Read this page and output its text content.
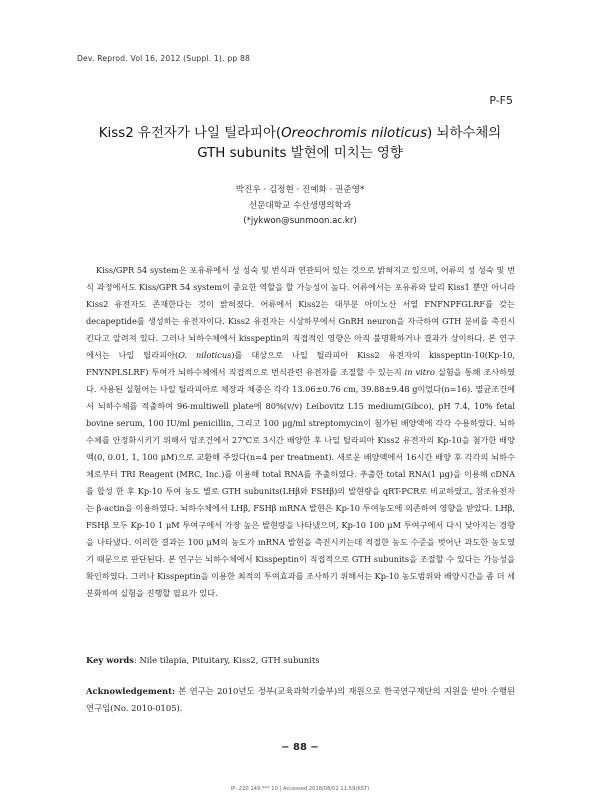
Dev. Reprod. Vol 16, 2012 (Suppl. 1). pp 88
P-F5
Kiss2 유전자가 나일 틸라피아(Oreochromis niloticus) 뇌하수체의
GTH subunits 발현에 미치는 영향
박진우 · 김정현 · 진예화 · 권준영*
선문대학교 수산생명의학과
(*jykwon@sunmoon.ac.kr)

Kiss/GPR 54 system은 포유류에서 성 성숙 및 번식과 연관되어 있는 것으로 밝혀지고 있으며, 어류의 성 성숙 및 번식 과정에서도 Kiss/GPR 54 system이 중요한 역할을 할 가능성이 높다. 어류에서는 포유류와 달리 Kiss1 뿐만 아니라 Kiss2 유전자도 존재한다는 것이 밝혀졌다. 어류에서 Kiss2는 대부분 아미노산 서열 FNFNPFGLRF를 갖는 decapeptide를 생성하는 유전자이다. Kiss2 유전자는 시상하부에서 GnRH neuron을 자극하여 GTH 분비를 촉진시킨다고 알려져 있다. 그러나 뇌하수체에서 kisspeptin의 직접적인 영향은 아직 불명확하거나 결과가 상이하다. 본 연구에서는 나일 틸라피아(O. niloticus)를 대상으로 나일 틸라피아 Kiss2 유전자의 kisspeptin-10(Kp-10, FNYNPLSLRF) 투여가 뇌하수체에서 직접적으로 번식관련 유전자를 조절할 수 있는지 in vitro 실험을 통해 조사하였다. 사용된 실험어는 나일 틸라피아로 체장과 체중은 각각 13.06±0.76 cm, 39.88±9.48 g이었다(n=16). 멸균조건에서 뇌하수체를 적출하여 96-multiwell plate에 80%(v/v) Leibovitz L15 medium(Gibco), pH 7.4, 10% fetal bovine serum, 100 IU/ml penicillin, 그리고 100 μg/ml streptomycin이 첨가된 배양액에 각각 수용하였다. 뇌하수체를 안정화시키기 위해서 암조건에서 27℃로 3시간 배양한 후 나일 틸라피아 Kiss2 유전자의 Kp-10을 첨가한 배양액(0, 0.01, 1, 100 μM)으로 교환해 주었다(n=4 per treatment). 새로운 배양액에서 16시간 배양 후 각각의 뇌하수체로부터 TRI Reagent (MRC, Inc.)를 이용해 total RNA를 추출하였다. 추출한 total RNA(1 μg)을 이용해 cDNA를 합성 한 후 Kp-10 투여 농도 별로 GTH subunits(LHβ와 FSHβ)의 발현량을 qRT-PCR로 비교하였고, 참조유전자는 β-actin을 이용하였다. 뇌하수체에서 LHβ, FSHβ mRNA 발현은 Kp-10 투여농도에 의존하여 영향을 받았다. LHβ, FSHβ 모두 Kp-10 1 μM 투여구에서 가장 높은 발현량을 나타냈으며, Kp-10 100 μM 투여구에서 다시 낮아지는 경향을 나타냈다. 이러한 결과는 100 μM의 농도가 mRNA 발현을 촉진시키는데 적절한 농도 수준을 벗어난 과도한 농도였기 때문으로 판단된다. 본 연구는 뇌하수체에서 Kisspeptin이 직접적으로 GTH subunits을 조절할 수 있다는 가능성을 확인하였다. 그러나 Kisspeptin을 이용한 최적의 투여효과를 조사하기 위해서는 Kp-10 농도범위와 배양시간을 좀 더 세분화하여 실험을 진행할 필요가 있다.

Key words: Nile tilapia, Pituitary, Kiss2, GTH subunits
Acknowledgement: 본 연구는 2010년도 정부(교육과학기술부)의 재원으로 한국연구재단의 지원을 받아 수행된 연구임(No. 2010-0105).
− 88 −
IP: 220.149.*** 10 | Accessed 2018/08/02 11:59(KST)
